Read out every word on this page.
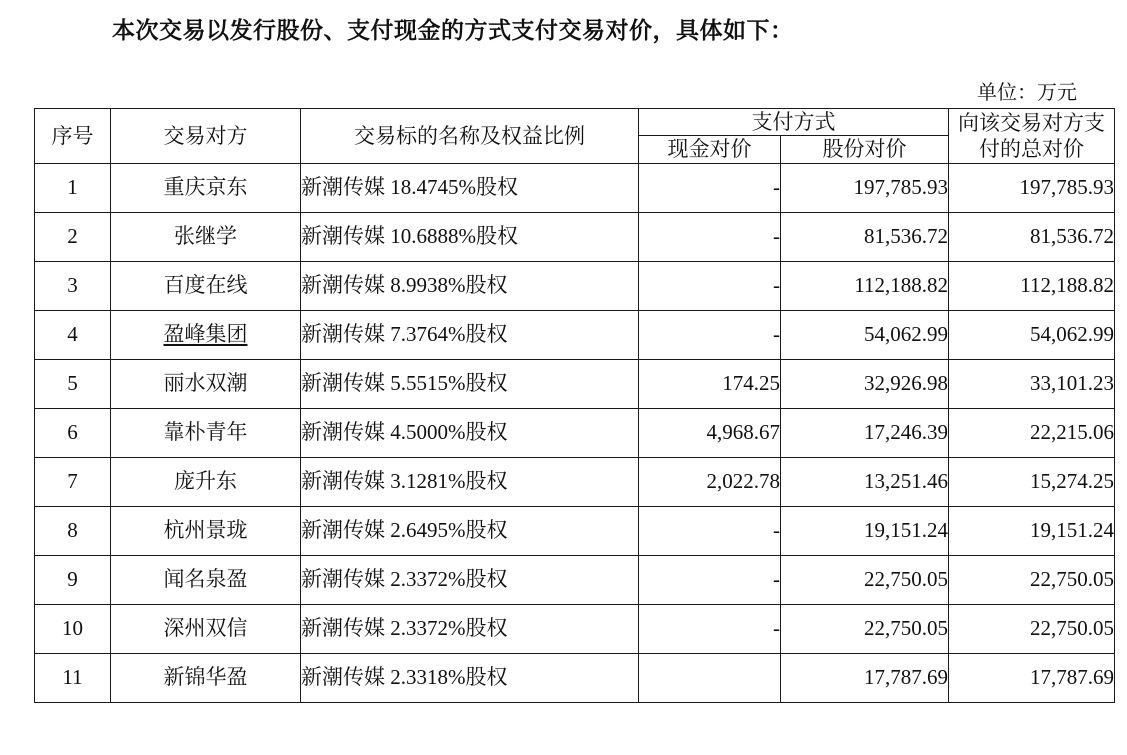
本次交易以发行股份、支付现金的方式支付交易对价，具体如下：
单位：万元
序号	交易对方	交易标的名称及权益比例	支付方式		向该交易对方支付的总对价
			现金对价	股份对价	
1	重庆京东	新潮传媒 18.4745%股权	-	197,785.93	197,785.93
2	张继学	新潮传媒 10.6888%股权	-	81,536.72	81,536.72
3	百度在线	新潮传媒 8.9938%股权	-	112,188.82	112,188.82
4	盈峰集团	新潮传媒 7.3764%股权	-	54,062.99	54,062.99
5	丽水双潮	新潮传媒 5.5515%股权	174.25	32,926.98	33,101.23
6	靠朴青年	新潮传媒 4.5000%股权	4,968.67	17,246.39	22,215.06
7	庞升东	新潮传媒 3.1281%股权	2,022.78	13,251.46	15,274.25
8	杭州景珑	新潮传媒 2.6495%股权	-	19,151.24	19,151.24
9	闻名泉盈	新潮传媒 2.3372%股权	-	22,750.05	22,750.05
10	深州双信	新潮传媒 2.3372%股权	-	22,750.05	22,750.05
11	新锦华盈	新潮传媒 2.3318%股权		17,787.69	17,787.69
